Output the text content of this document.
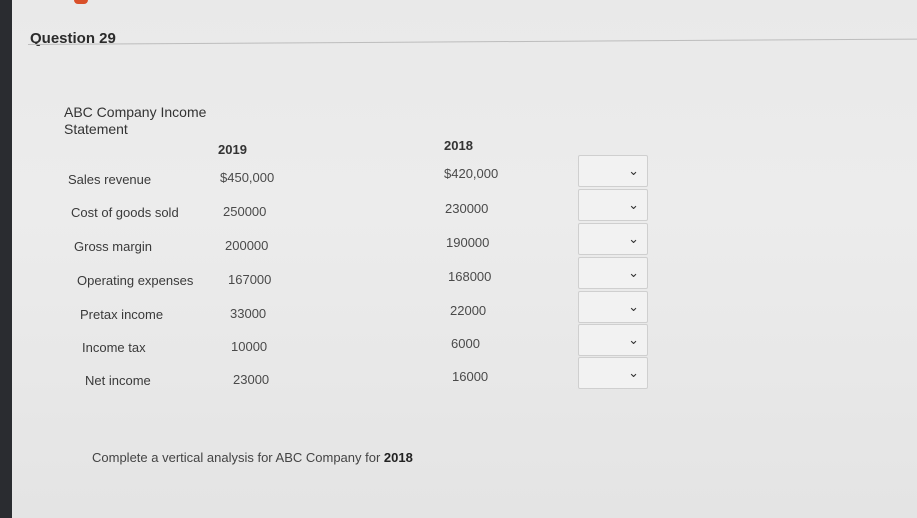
Question 29
ABC Company Income Statement
2019	2018
Sales revenue	$450,000	$420,000	⌄
Cost of goods sold	250000	230000	⌄
Gross margin	200000	190000	⌄
Operating expenses	167000	168000	⌄
Pretax income	33000	22000	⌄
Income tax	10000	6000	⌄
Net income	23000	16000	⌄
Complete a vertical analysis for ABC Company for 2018
